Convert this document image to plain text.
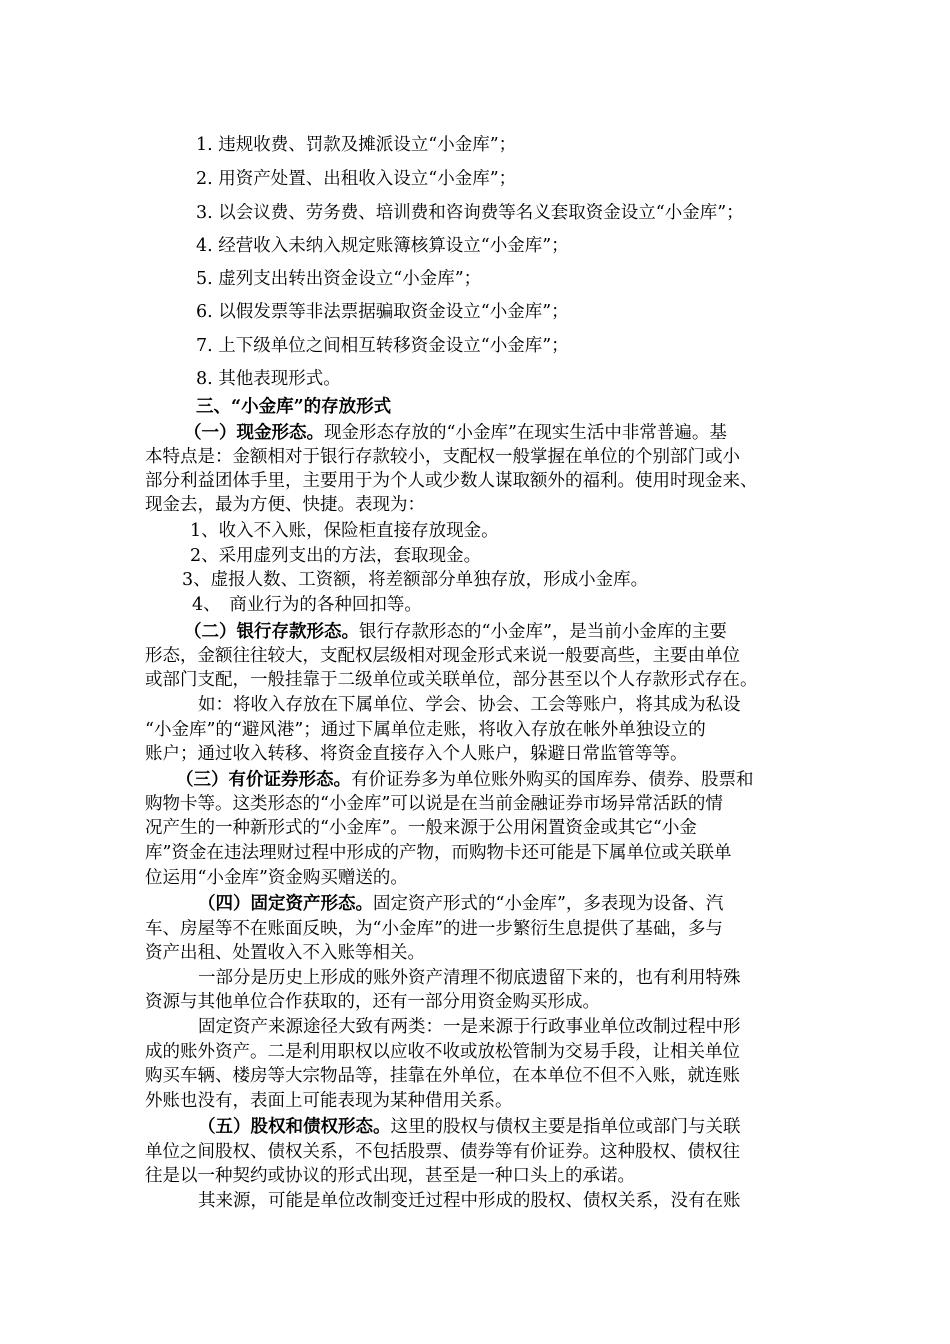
1. 违规收费、罚款及摊派设立“小金库”；

2. 用资产处置、出租收入设立“小金库”；

3. 以会议费、劳务费、培训费和咨询费等名义套取资金设立“小金库”；

4. 经营收入未纳入规定账簿核算设立“小金库”；

5. 虚列支出转出资金设立“小金库”；

6. 以假发票等非法票据骗取资金设立“小金库”；

7. 上下级单位之间相互转移资金设立“小金库”；

8. 其他表现形式。

三、“小金库”的存放形式

（一）现金形态。现金形态存放的“小金库”在现实生活中非常普遍。基

本特点是：金额相对于银行存款较小，支配权一般掌握在单位的个别部门或小

部分利益团体手里，主要用于为个人或少数人谋取额外的福利。使用时现金来、

现金去，最为方便、快捷。表现为：

1、收入不入账，保险柜直接存放现金。

2、采用虚列支出的方法，套取现金。

3、虚报人数、工资额，将差额部分单独存放，形成小金库。

4、　商业行为的各种回扣等。

（二）银行存款形态。银行存款形态的“小金库”，是当前小金库的主要

形态，金额往往较大，支配权层级相对现金形式来说一般要高些，主要由单位

或部门支配，一般挂靠于二级单位或关联单位，部分甚至以个人存款形式存在。

如：将收入存放在下属单位、学会、协会、工会等账户，将其成为私设

“小金库”的“避风港”；通过下属单位走账，将收入存放在帐外单独设立的

账户；通过收入转移、将资金直接存入个人账户，躲避日常监管等等。

（三）有价证券形态。有价证券多为单位账外购买的国库券、债券、股票和

购物卡等。这类形态的“小金库”可以说是在当前金融证券市场异常活跃的情

况产生的一种新形式的“小金库”。一般来源于公用闲置资金或其它“小金

库”资金在违法理财过程中形成的产物，而购物卡还可能是下属单位或关联单

位运用“小金库”资金购买赠送的。

（四）固定资产形态。固定资产形式的“小金库”，多表现为设备、汽

车、房屋等不在账面反映，为“小金库”的进一步繁衍生息提供了基础，多与

资产出租、处置收入不入账等相关。

一部分是历史上形成的账外资产清理不彻底遗留下来的，也有利用特殊

资源与其他单位合作获取的，还有一部分用资金购买形成。

固定资产来源途径大致有两类：一是来源于行政事业单位改制过程中形

成的账外资产。二是利用职权以应收不收或放松管制为交易手段，让相关单位

购买车辆、楼房等大宗物品等，挂靠在外单位，在本单位不但不入账，就连账

外账也没有，表面上可能表现为某种借用关系。

（五）股权和债权形态。这里的股权与债权主要是指单位或部门与关联

单位之间股权、债权关系，不包括股票、债券等有价证券。这种股权、债权往

往是以一种契约或协议的形式出现，甚至是一种口头上的承诺。

其来源，可能是单位改制变迁过程中形成的股权、债权关系，没有在账
